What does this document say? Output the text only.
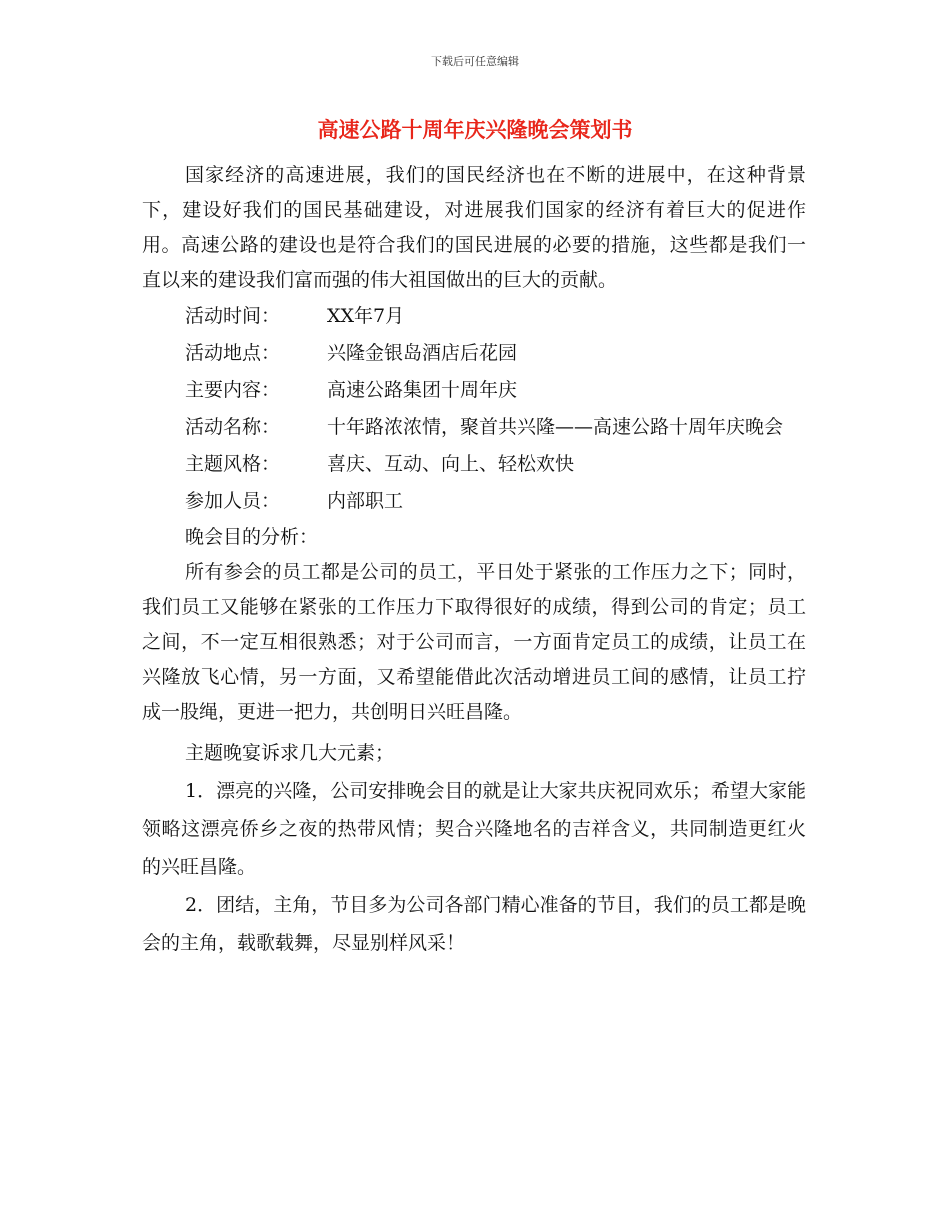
下载后可任意编辑
高速公路十周年庆兴隆晚会策划书

国家经济的高速进展，我们的国民经济也在不断的进展中，在这种背景下，建设好我们的国民基础建设，对进展我们国家的经济有着巨大的促进作用。高速公路的建设也是符合我们的国民进展的必要的措施，这些都是我们一直以来的建设我们富而强的伟大祖国做出的巨大的贡献。

活动时间：	XX年7月
活动地点：	兴隆金银岛酒店后花园
主要内容：	高速公路集团十周年庆
活动名称： 十年路浓浓情，聚首共兴隆——高速公路十周年庆晚会
主题风格：	喜庆、互动、向上、轻松欢快
参加人员：	内部职工

晚会目的分析：

所有参会的员工都是公司的员工，平日处于紧张的工作压力之下；同时，我们员工又能够在紧张的工作压力下取得很好的成绩，得到公司的肯定；员工之间，不一定互相很熟悉；对于公司而言，一方面肯定员工的成绩，让员工在兴隆放飞心情，另一方面，又希望能借此次活动增进员工间的感情，让员工拧成一股绳，更进一把力，共创明日兴旺昌隆。

主题晚宴诉求几大元素；

1．漂亮的兴隆，公司安排晚会目的就是让大家共庆祝同欢乐；希望大家能领略这漂亮侨乡之夜的热带风情；契合兴隆地名的吉祥含义，共同制造更红火的兴旺昌隆。

2．团结，主角，节目多为公司各部门精心准备的节目，我们的员工都是晚会的主角，载歌载舞，尽显别样风采！
